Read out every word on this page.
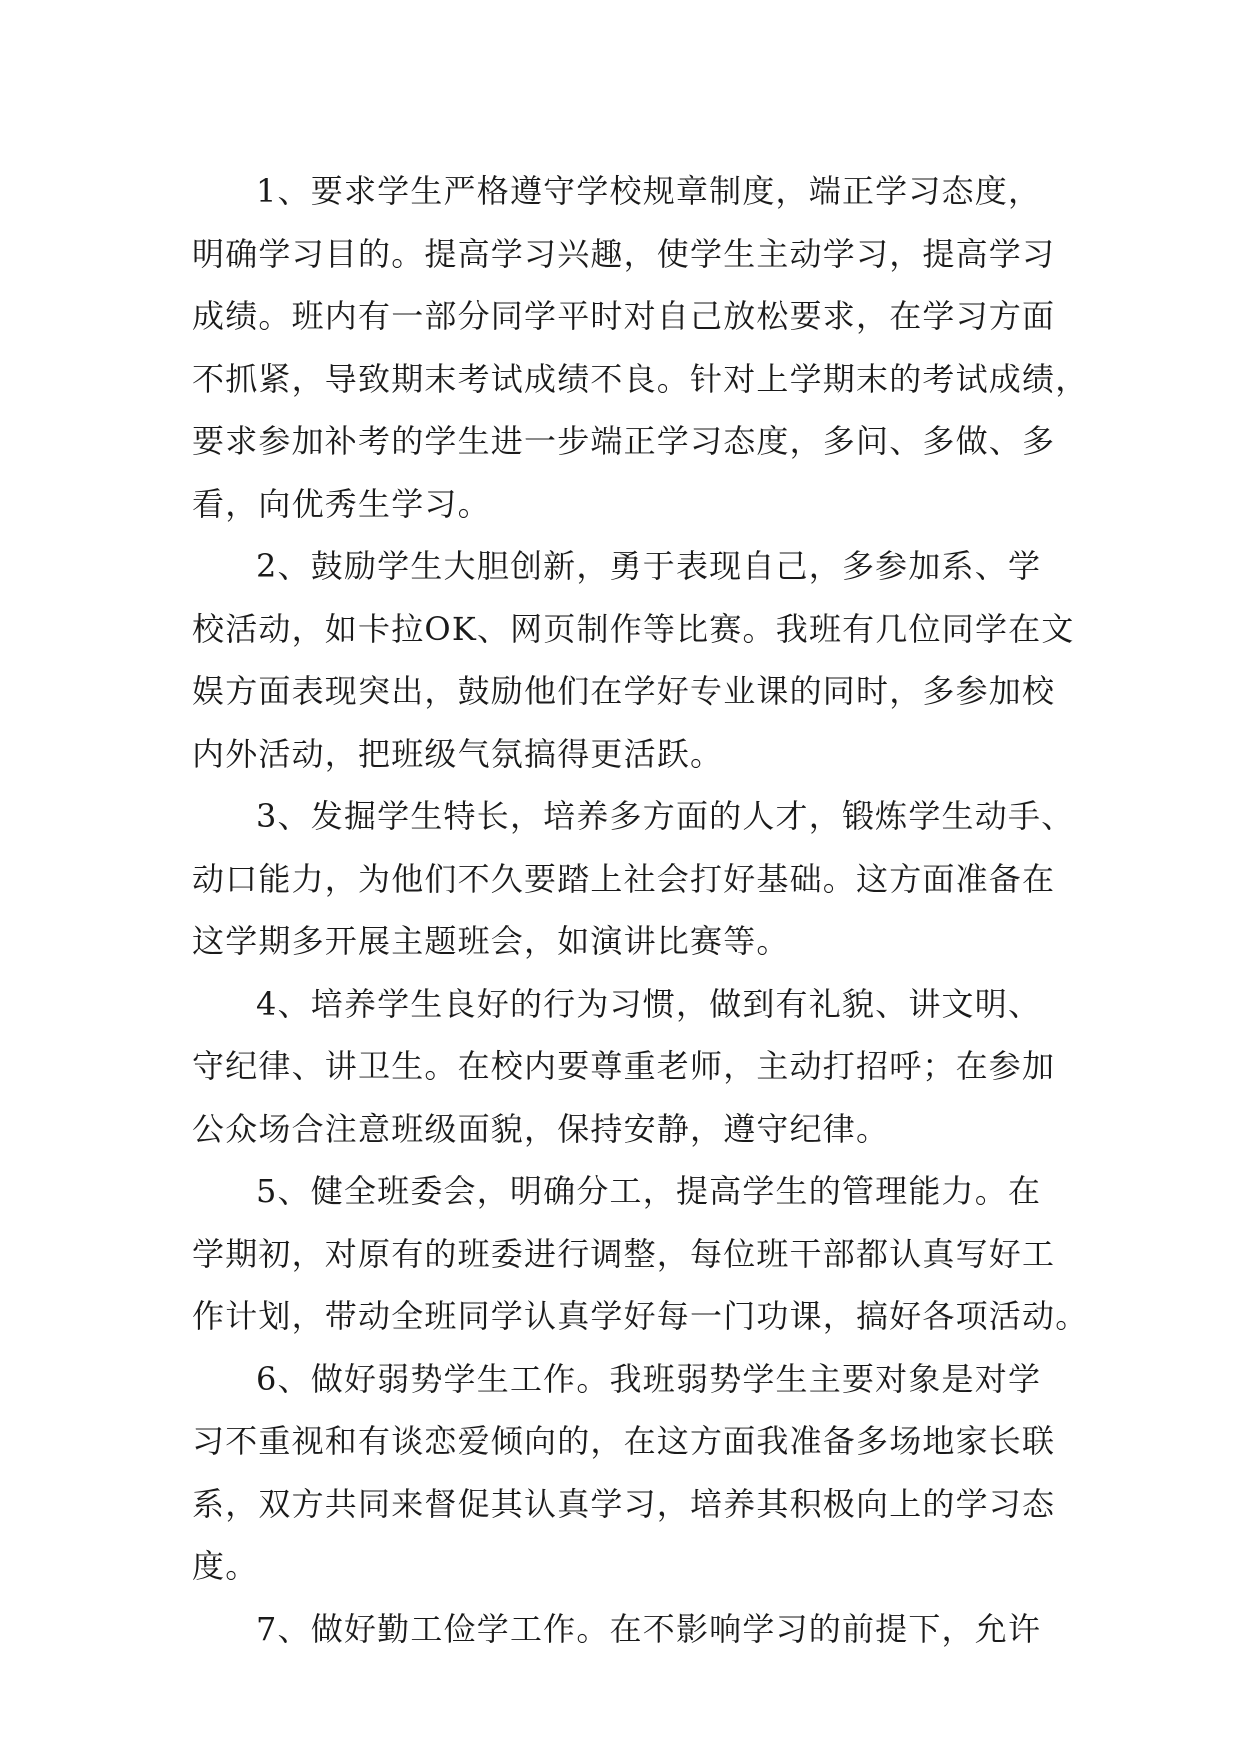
1、要求学生严格遵守学校规章制度，端正学习态度，
明确学习目的。提高学习兴趣，使学生主动学习，提高学习
成绩。班内有一部分同学平时对自己放松要求，在学习方面
不抓紧，导致期末考试成绩不良。针对上学期末的考试成绩，
要求参加补考的学生进一步端正学习态度，多问、多做、多
看，向优秀生学习。
2、鼓励学生大胆创新，勇于表现自己，多参加系、学
校活动，如卡拉OK、网页制作等比赛。我班有几位同学在文
娱方面表现突出，鼓励他们在学好专业课的同时，多参加校
内外活动，把班级气氛搞得更活跃。
3、发掘学生特长，培养多方面的人才，锻炼学生动手、
动口能力，为他们不久要踏上社会打好基础。这方面准备在
这学期多开展主题班会，如演讲比赛等。
4、培养学生良好的行为习惯，做到有礼貌、讲文明、
守纪律、讲卫生。在校内要尊重老师，主动打招呼；在参加
公众场合注意班级面貌，保持安静，遵守纪律。
5、健全班委会，明确分工，提高学生的管理能力。在
学期初，对原有的班委进行调整，每位班干部都认真写好工
作计划，带动全班同学认真学好每一门功课，搞好各项活动。
6、做好弱势学生工作。我班弱势学生主要对象是对学
习不重视和有谈恋爱倾向的，在这方面我准备多场地家长联
系，双方共同来督促其认真学习，培养其积极向上的学习态
度。
7、做好勤工俭学工作。在不影响学习的前提下，允许
